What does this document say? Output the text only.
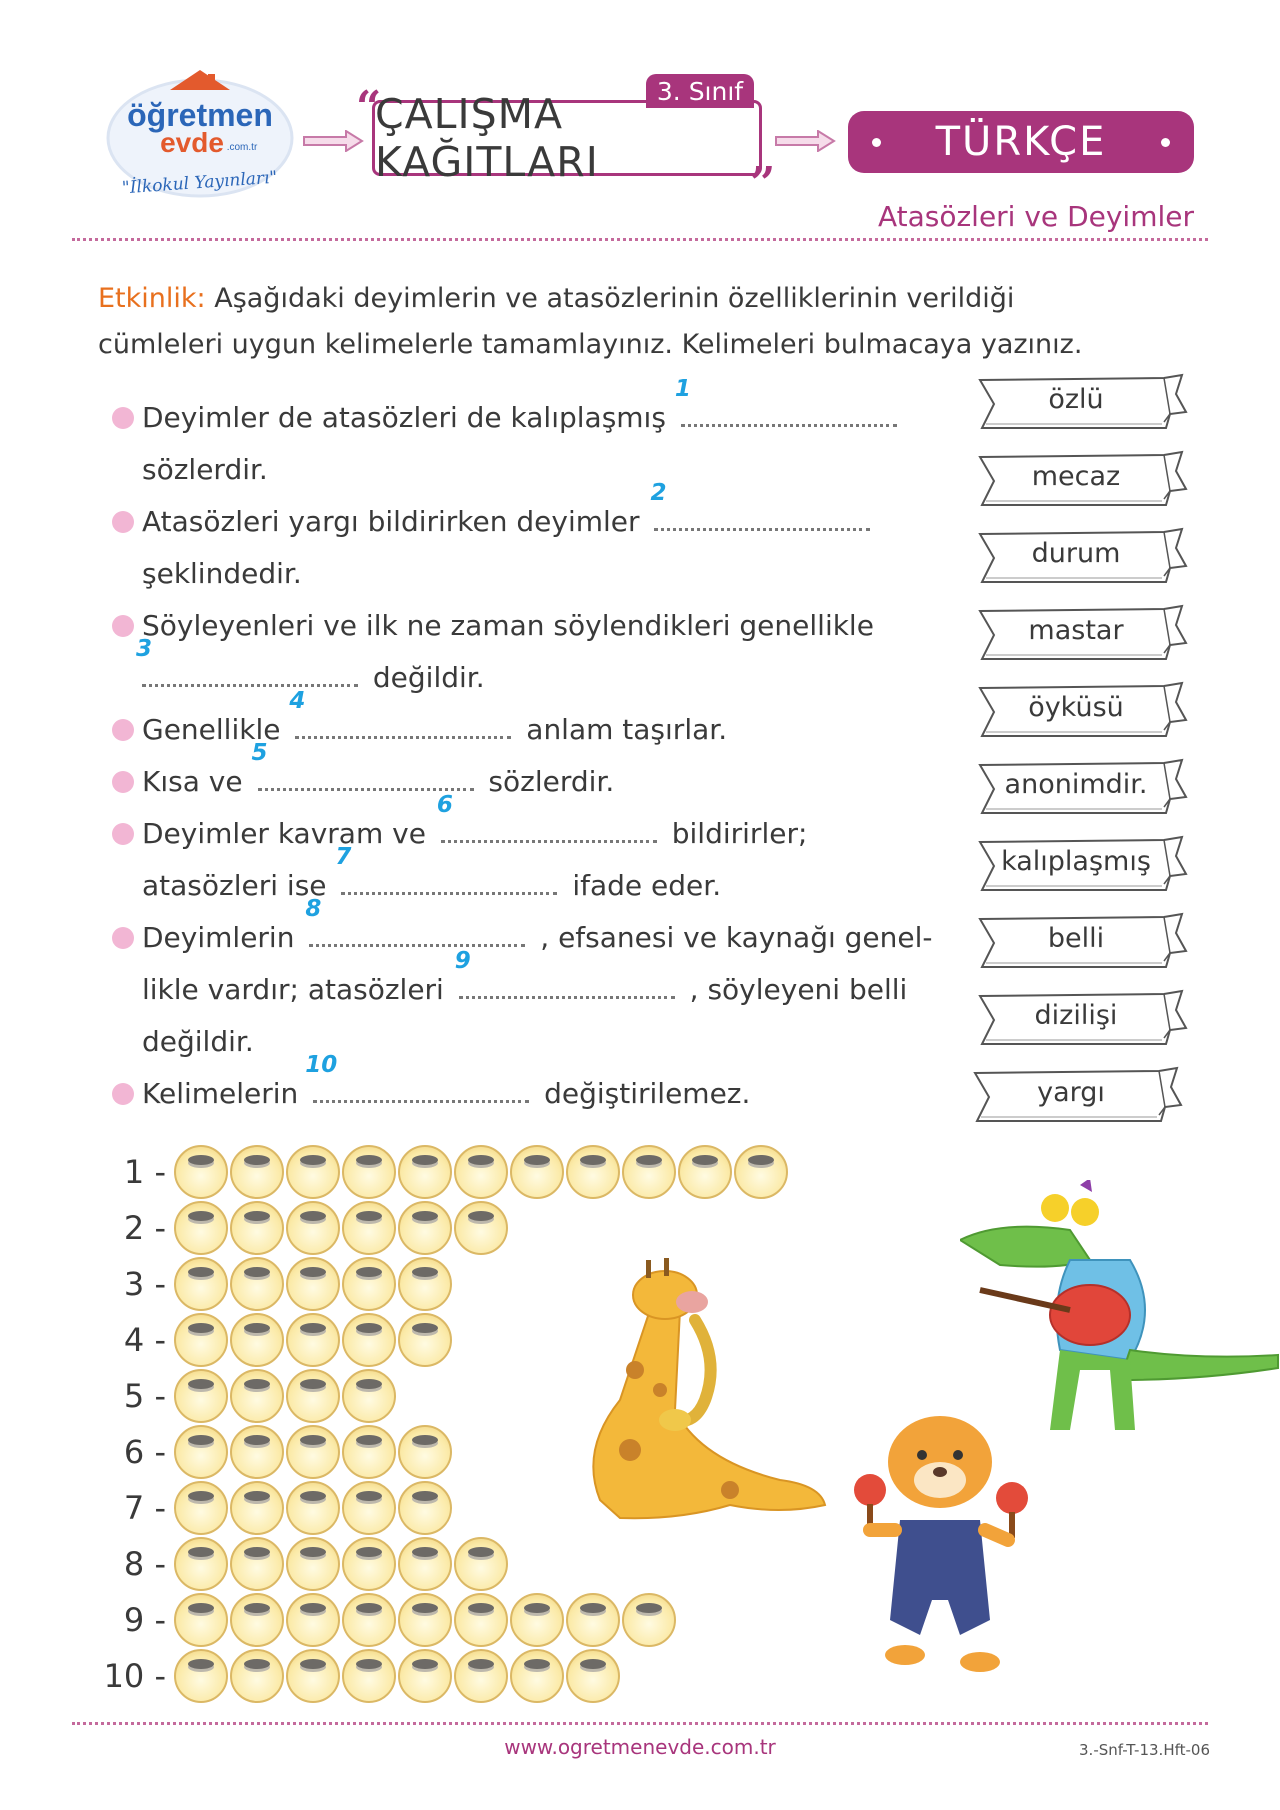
öğretmen
evde .com.tr
"İlkokul Yayınları"
ÇALIŞMA KAĞITLARI
3. Sınıf
“
”
TÜRKÇE
Atasözleri ve Deyimler
Etkinlik: Aşağıdaki deyimlerin ve atasözlerinin özelliklerinin verildiği cümleleri uygun kelimelerle tamamlayınız. Kelimeleri bulmacaya yazınız.
Deyimler de atasözleri de kalıplaşmış
1

sözlerdir.
Atasözleri yargı bildirirken deyimler
2

şeklindedir.
Söyleyenleri ve ilk ne zaman söylendikleri genellikle

3
değildir.
Genellikle
4
anlam taşırlar.
Kısa ve
5
sözlerdir.
Deyimler kavram ve
6
bildirirler; atasözleri ise
7
ifade eder.
Deyimlerin
8
, efsanesi ve kaynağı genellikle vardır; atasözleri
9
, söyleyeni belli değildir.
Kelimelerin
10
değiştirilemez.
özlü
mecaz
durum
mastar
öyküsü
anonimdir.
kalıplaşmış
belli
dizilişi
yargı
1 -
2 -
3 -
4 -
5 -
6 -
7 -
8 -
9 -
10 -
www.ogretmenevde.com.tr	3.-Snf-T-13.Hft-06
